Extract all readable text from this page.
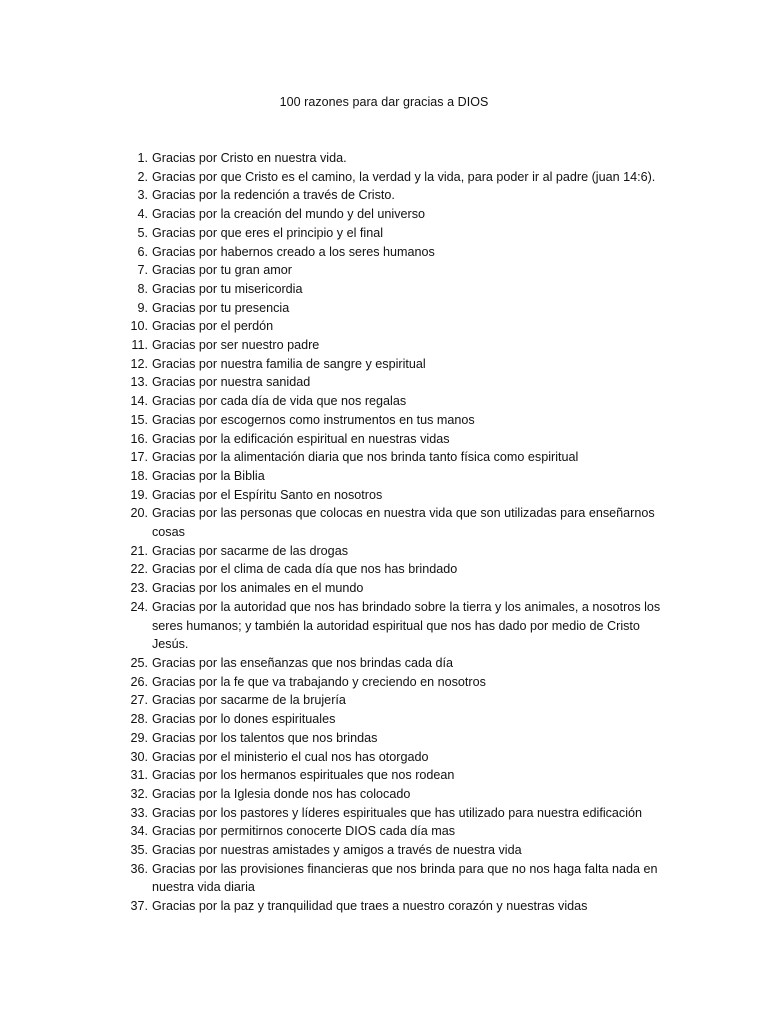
100 razones para dar gracias a DIOS
1. Gracias por Cristo en nuestra vida.
2. Gracias por que Cristo es el camino, la verdad y la vida, para poder ir al padre (juan 14:6).
3. Gracias por la redención a través de Cristo.
4. Gracias por la creación del mundo y del universo
5. Gracias por que eres el principio y el final
6. Gracias por habernos creado a los seres humanos
7. Gracias por tu gran amor
8. Gracias por tu misericordia
9. Gracias por tu presencia
10. Gracias por el perdón
11. Gracias por ser nuestro padre
12. Gracias por nuestra familia de sangre y espiritual
13. Gracias por nuestra sanidad
14. Gracias por cada día de vida que nos regalas
15. Gracias por escogernos como instrumentos en tus manos
16. Gracias por la edificación espiritual en nuestras vidas
17. Gracias por la alimentación diaria que nos brinda tanto física como espiritual
18. Gracias por la Biblia
19. Gracias por el Espíritu Santo en nosotros
20. Gracias por las personas que colocas en nuestra vida que son utilizadas para enseñarnos cosas
21. Gracias por sacarme de las drogas
22. Gracias por el clima de cada día que nos has brindado
23. Gracias por los animales en el mundo
24. Gracias por la autoridad que nos has brindado sobre la tierra y los animales, a nosotros los seres humanos; y también la autoridad espiritual que nos has dado por medio de Cristo Jesús.
25. Gracias por las enseñanzas que nos brindas cada día
26. Gracias por la fe que va trabajando y creciendo en nosotros
27. Gracias por sacarme de la brujería
28. Gracias por lo dones espirituales
29. Gracias por los talentos que nos brindas
30. Gracias por el ministerio el cual nos has otorgado
31. Gracias por los hermanos espirituales que nos rodean
32. Gracias por la Iglesia donde nos has colocado
33. Gracias por los pastores y líderes espirituales que has utilizado para nuestra edificación
34. Gracias por permitirnos conocerte DIOS cada día mas
35. Gracias por nuestras amistades y amigos a través de nuestra vida
36. Gracias por las provisiones financieras que nos brinda para que no nos haga falta nada en nuestra vida diaria
37. Gracias por la paz y tranquilidad que traes a nuestro corazón y nuestras vidas
